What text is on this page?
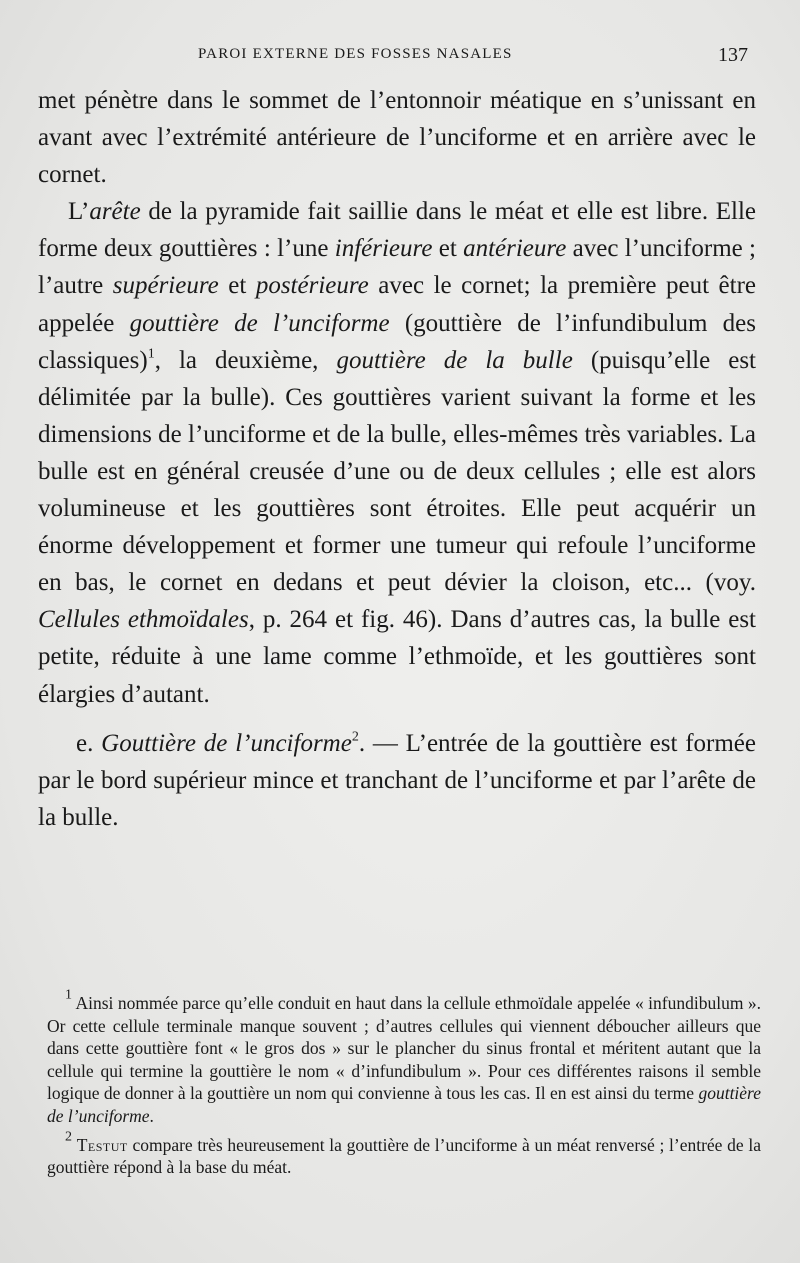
PAROI EXTERNE DES FOSSES NASALES	137

met pénètre dans le sommet de l’entonnoir méatique en s’unissant en avant avec l’extrémité antérieure de l’unciforme et en arrière avec le cornet.

L’arête de la pyramide fait saillie dans le méat et elle est libre. Elle forme deux gouttières : l’une inférieure et antérieure avec l’unciforme ; l’autre supérieure et postérieure avec le cornet; la première peut être appelée gouttière de l’unciforme (gouttière de l’infundibulum des classiques)$^1$, la deuxième, gouttière de la bulle (puisqu’elle est délimitée par la bulle). Ces gouttières varient suivant la forme et les dimensions de l’unciforme et de la bulle, elles-mêmes très variables. La bulle est en général creusée d’une ou de deux cellules ; elle est alors volumineuse et les gouttières sont étroites. Elle peut acquérir un énorme développement et former une tumeur qui refoule l’unciforme en bas, le cornet en dedans et peut dévier la cloison, etc... (voy. Cellules ethmoïdales, p. 264 et fig. 46). Dans d’autres cas, la bulle est petite, réduite à une lame comme l’ethmoïde, et les gouttières sont élargies d’autant.

e. Gouttière de l’unciforme$^2$. — L’entrée de la gouttière est formée par le bord supérieur mince et tranchant de l’unciforme et par l’arête de la bulle.

$^1$ Ainsi nommée parce qu’elle conduit en haut dans la cellule ethmoïdale appelée « infundibulum ». Or cette cellule terminale manque souvent ; d’autres cellules qui viennent déboucher ailleurs que dans cette gouttière font « le gros dos » sur le plancher du sinus frontal et méritent autant que la cellule qui termine la gouttière le nom « d’infundibulum ». Pour ces différentes raisons il semble logique de donner à la gouttière un nom qui convienne à tous les cas. Il en est ainsi du terme gouttière de l’unciforme.

$^2$ Testut compare très heureusement la gouttière de l’unciforme à un méat renversé ; l’entrée de la gouttière répond à la base du méat.
